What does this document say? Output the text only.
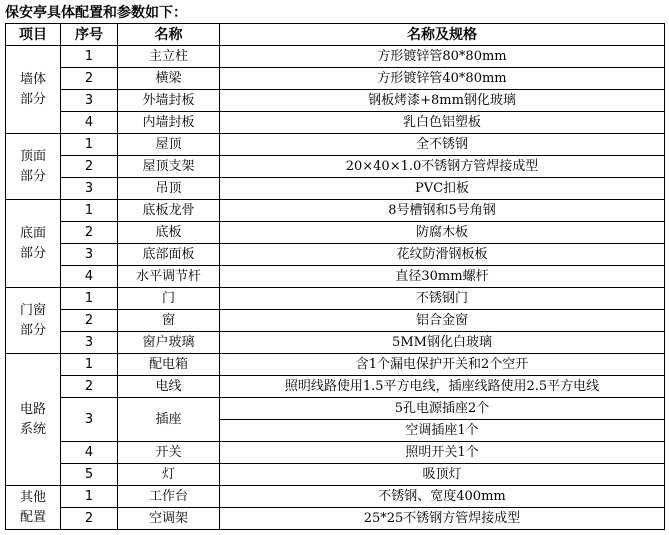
保安亭具体配置和参数如下：
项目	序号	名称	名称及规格

墙体
部分	1	主立柱	方形镀锌管80*80mm
	2	横梁	方形镀锌管40*80mm
	3	外墙封板	钢板烤漆+8mm钢化玻璃
	4	内墙封板	乳白色铝塑板

顶面
部分	1	屋顶	全不锈钢
	2	屋顶支架	20×40×1.0不锈钢方管焊接成型
	3	吊顶	PVC扣板

底面
部分	1	底板龙骨	8号槽钢和5号角钢
	2	底板	防腐木板
	3	底部面板	花纹防滑钢板板
	4	水平调节杆	直径30mm螺杆

门窗
部分	1	门	不锈钢门
	2	窗	铝合金窗
	3	窗户玻璃	5MM钢化白玻璃

电路
系统	1	配电箱	含1个漏电保护开关和2个空开
	2	电线	照明线路使用1.5平方电线，插座线路使用2.5平方电线
	3	插座	5孔电源插座2个
			空调插座1个
	4	开关	照明开关1个
	5	灯	吸顶灯

其他
配置	1	工作台	不锈钢、宽度400mm
	2	空调架	25*25不锈钢方管焊接成型
